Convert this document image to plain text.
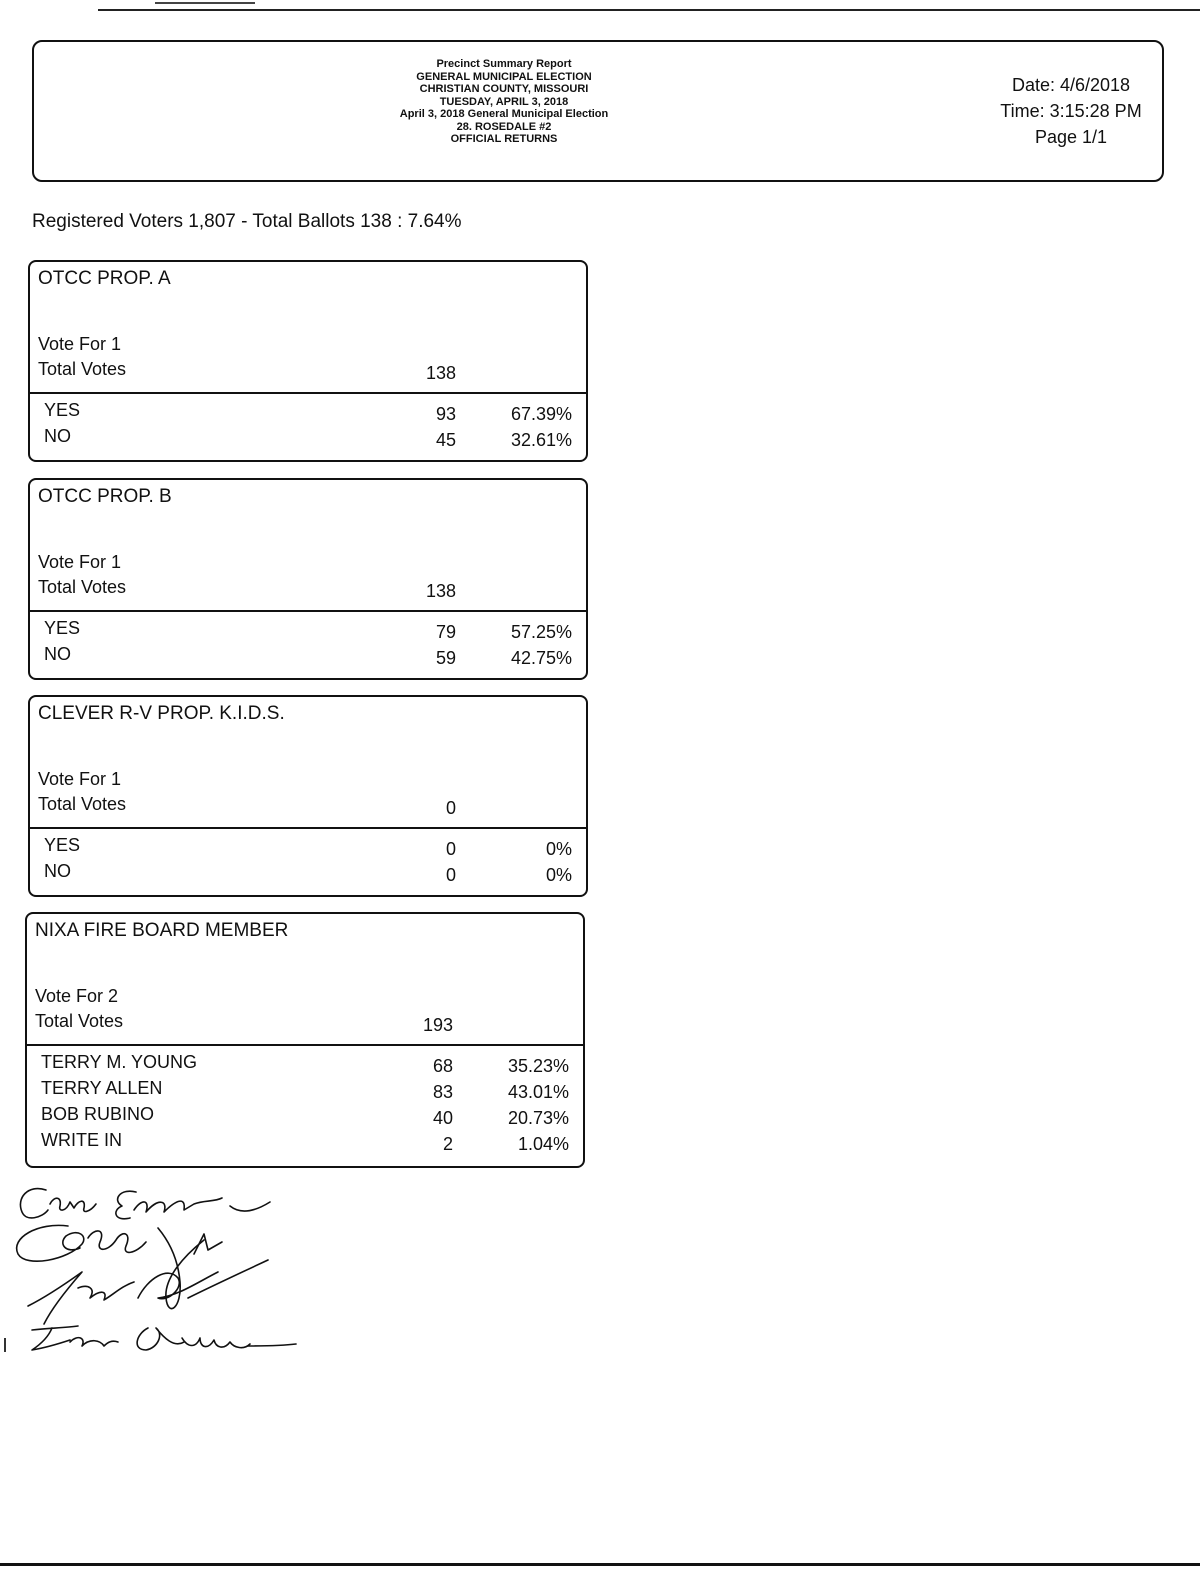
Precinct Summary Report
GENERAL MUNICIPAL ELECTION
CHRISTIAN COUNTY, MISSOURI
TUESDAY, APRIL 3, 2018
April 3, 2018 General Municipal Election
28. ROSEDALE #2
OFFICIAL RETURNS
Date: 4/6/2018
Time: 3:15:28 PM
Page 1/1
Registered Voters 1,807 - Total Ballots 138 : 7.64%
OTCC PROP. A
Vote For 1
Total Votes	138
YES	93	67.39%
NO	45	32.61%
OTCC PROP. B
Vote For 1
Total Votes	138
YES	79	57.25%
NO	59	42.75%
CLEVER R-V PROP. K.I.D.S.
Vote For 1
Total Votes	0
YES	0	0%
NO	0	0%
NIXA FIRE BOARD MEMBER
Vote For 2
Total Votes	193
TERRY M. YOUNG	68	35.23%
TERRY ALLEN	83	43.01%
BOB RUBINO	40	20.73%
WRITE IN	2	1.04%
